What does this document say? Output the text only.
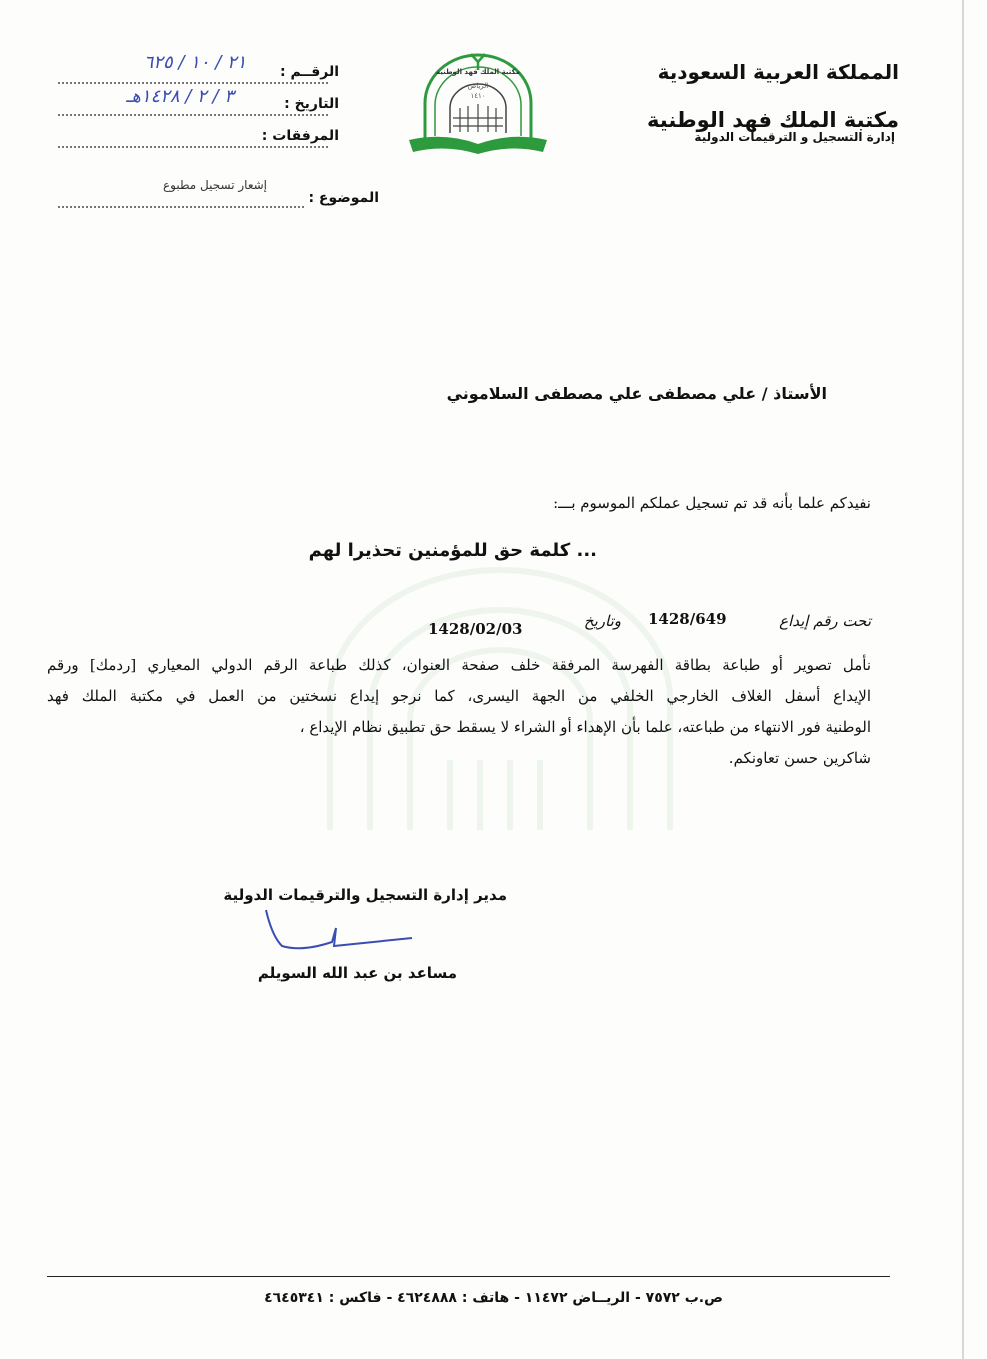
المملكة العربية السعودية
مكتبة الملك فهد الوطنية
إدارة التسجيل و الترقيمات الدولية
الرياض
١٤١٠
مكتبة الملك فهد الوطنية
الرقــم :
٢١ / ١٠ / ٦٢٥
التاريخ :
٣ / ٢ / ١٤٢٨هـ
المرفقات :
الموضوع :
إشعار تسجيل مطبوع
الأستاذ / علي مصطفى علي مصطفى السلاموني
نفيدكم علما بأنه قد تم تسجيل عملكم الموسوم بـــ:
... كلمة حق للمؤمنين تحذيرا لهم
تحت رقم إيداع
1428/649
وتاريخ
1428/02/03
نأمل تصوير أو طباعة بطاقة الفهرسة المرفقة خلف صفحة العنوان، كذلك طباعة الرقم الدولي المعياري [ردمك] ورقم
الإيداع أسفل الغلاف الخارجي الخلفي من الجهة اليسرى، كما نرجو إيداع نسختين من العمل في مكتبة الملك فهد
الوطنية فور الانتهاء من طباعته، علما بأن الإهداء أو الشراء لا يسقط حق تطبيق نظام الإيداع ،
شاكرين حسن تعاونكم.
مدير إدارة التسجيل والترقيمات الدولية
مساعد بن عبد الله السويلم
ص.ب ٧٥٧٢ - الريــاض ١١٤٧٢ - هاتف : ٤٦٢٤٨٨٨ - فاكس : ٤٦٤٥٣٤١
